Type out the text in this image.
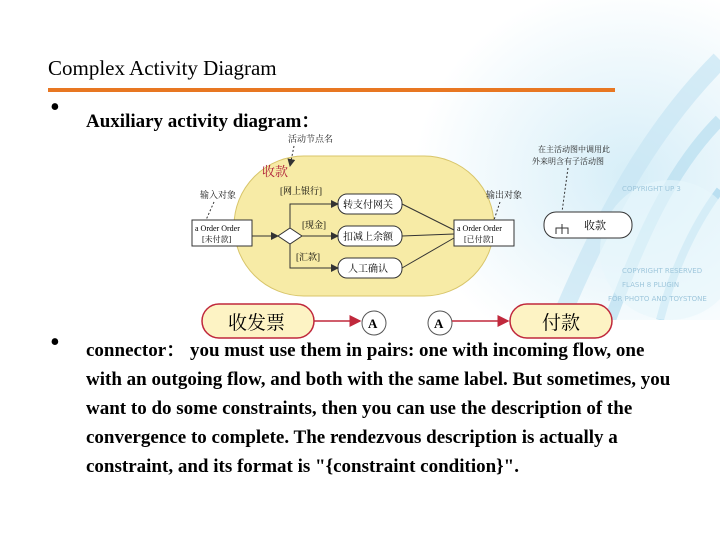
COPYRIGHT UP 3
COPYRIGHT RESERVED
FLASH 8 PLUGIN
FOR PHOTO AND TOYSTONE
Complex Activity Diagram
• Auxiliary activity diagram：
活动节点名
收款
输入对象	输出对象
在主活动图中调用此
外来明含有子活动图
a Order Order
[未付款]
[网上银行]
[现金]
[汇款]
转支付网关
扣减上余额
人工确认
a Order Order
[已付款]
收款
收发票	A	A	付款
• connector： you must use them in pairs: one with incoming flow, one with an outgoing flow, and both with the same label. But sometimes, you want to do some constraints, then you can use the description of the convergence to complete. The rendezvous description is actually a constraint, and its format is "{constraint condition}".
